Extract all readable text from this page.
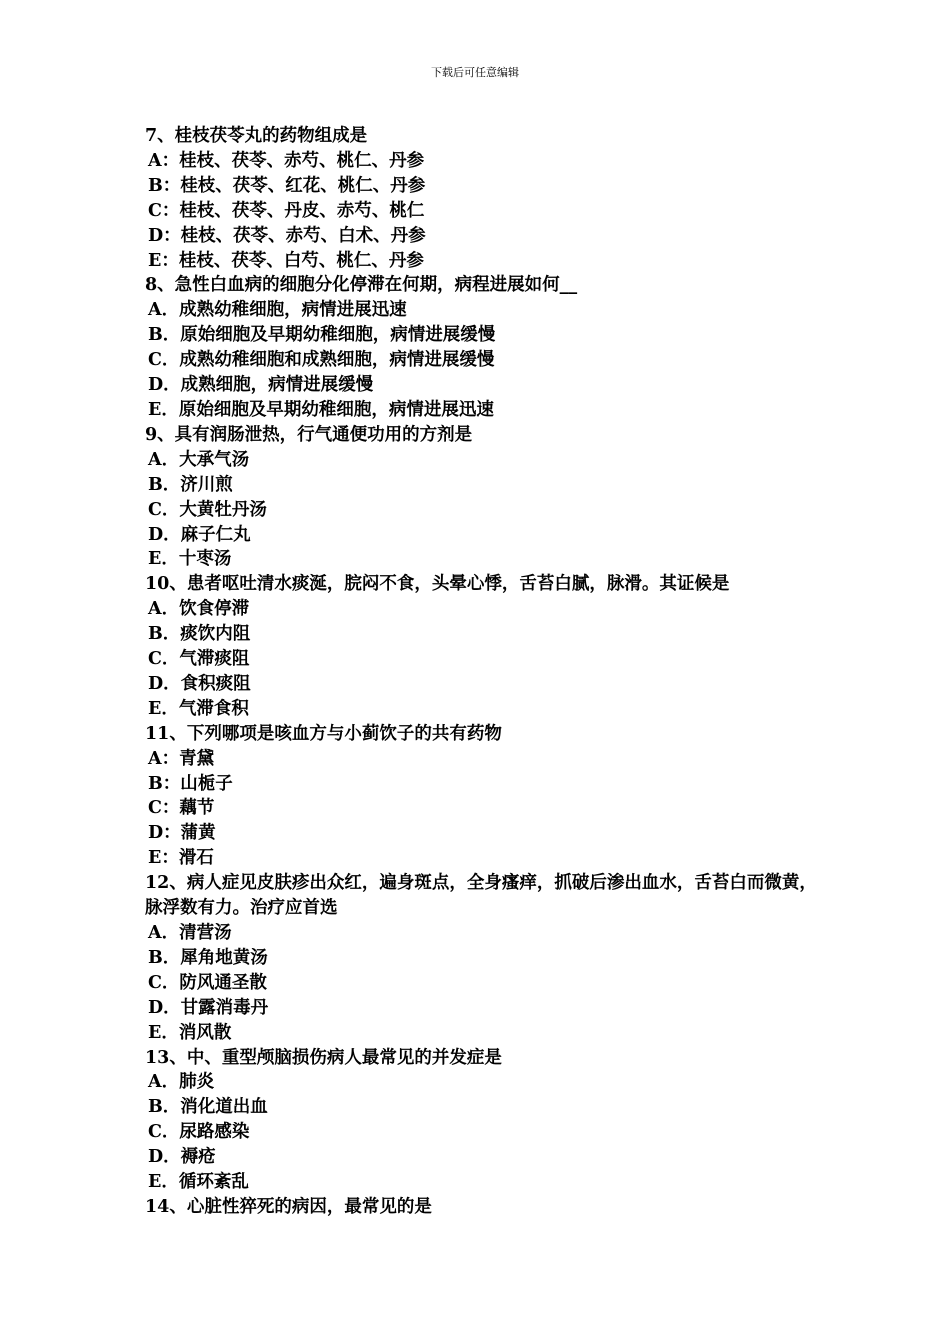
下载后可任意编辑

7、桂枝茯苓丸的药物组成是

A：桂枝、茯苓、赤芍、桃仁、丹参

B：桂枝、茯苓、红花、桃仁、丹参

C：桂枝、茯苓、丹皮、赤芍、桃仁

D：桂枝、茯苓、赤芍、白术、丹参

E：桂枝、茯苓、白芍、桃仁、丹参

8、急性白血病的细胞分化停滞在何期，病程进展如何__

A．成熟幼稚细胞，病情进展迅速

B．原始细胞及早期幼稚细胞，病情进展缓慢

C．成熟幼稚细胞和成熟细胞，病情进展缓慢

D．成熟细胞，病情进展缓慢

E．原始细胞及早期幼稚细胞，病情进展迅速

9、具有润肠泄热，行气通便功用的方剂是

A．大承气汤

B．济川煎

C．大黄牡丹汤

D．麻子仁丸

E．十枣汤

10、患者呕吐清水痰涎，脘闷不食，头晕心悸，舌苔白腻，脉滑。其证候是

A．饮食停滞

B．痰饮内阻

C．气滞痰阻

D．食积痰阻

E．气滞食积

11、下列哪项是咳血方与小蓟饮子的共有药物

A：青黛

B：山栀子

C：藕节

D：蒲黄

E：滑石

12、病人症见皮肤疹出众红，遍身斑点，全身瘙痒，抓破后渗出血水，舌苔白而微黄，脉浮数有力。治疗应首选

A．清营汤

B．犀角地黄汤

C．防风通圣散

D．甘露消毒丹

E．消风散

13、中、重型颅脑损伤病人最常见的并发症是

A．肺炎

B．消化道出血

C．尿路感染

D．褥疮

E．循环紊乱

14、心脏性猝死的病因，最常见的是
